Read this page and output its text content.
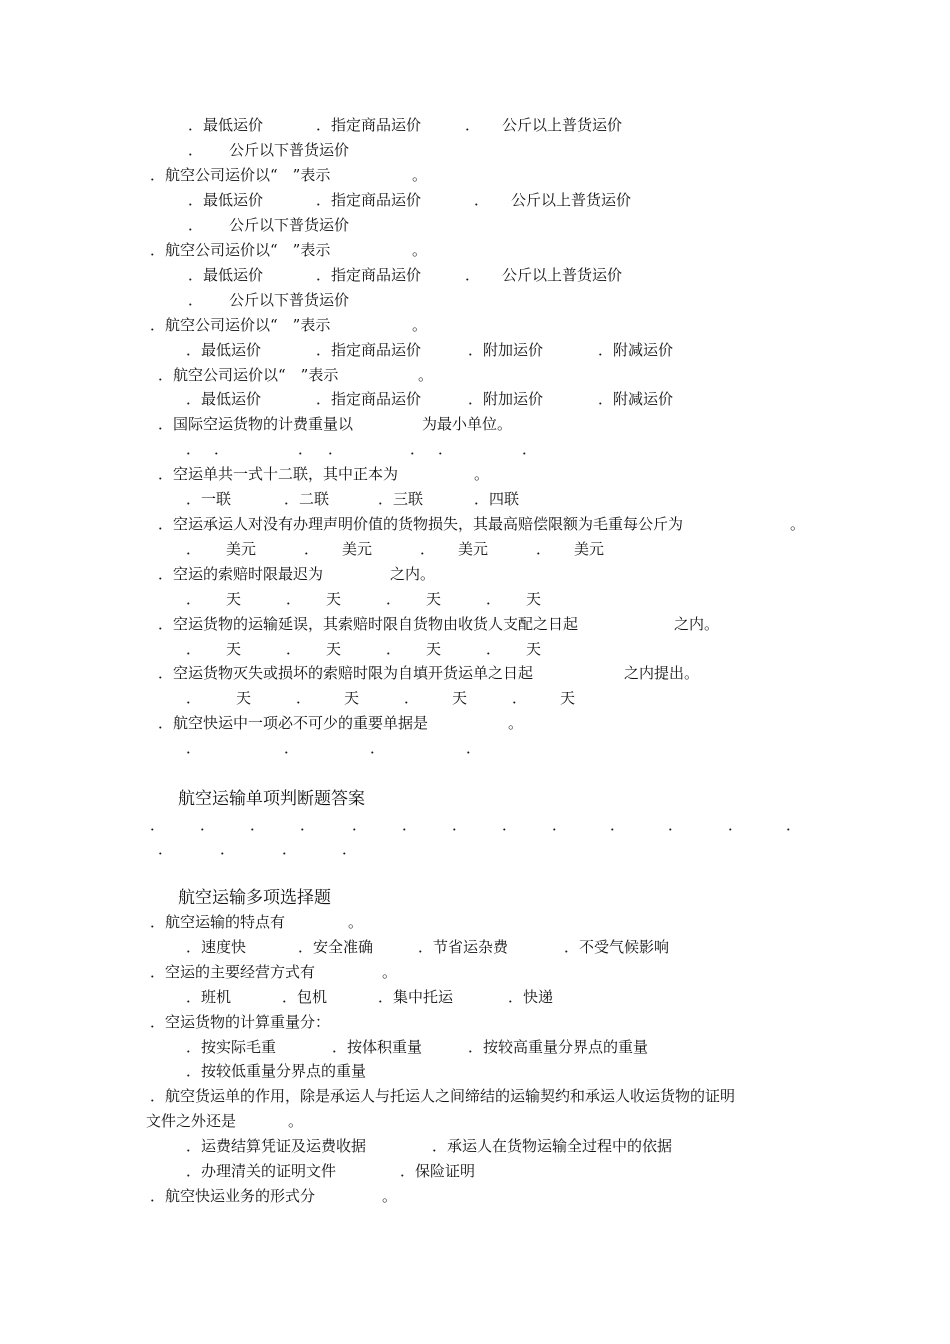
．最低运价	．指定商品运价	． 公斤以上普货运价
． 公斤以下普货运价
．航空公司运价以“　”表示	。
．最低运价	．指定商品运价	． 公斤以上普货运价
． 公斤以下普货运价
．航空公司运价以“　”表示	。
．最低运价	．指定商品运价	． 公斤以上普货运价
． 公斤以下普货运价
．航空公司运价以“　”表示	。
．最低运价	．指定商品运价	．附加运价	．附减运价
．航空公司运价以“　”表示	。
．最低运价	．指定商品运价	．附加运价	．附减运价
．国际空运货物的计费重量以	为最小单位。
． ．	． ．	． ．	．
．空运单共一式十二联，其中正本为	。
．一联	．二联	．三联	．四联
．空运承运人对没有办理声明价值的货物损失，其最高赔偿限额为毛重每公斤为	。
． 美元	． 美元	． 美元	． 美元
．空运的索赔时限最迟为	之内。
． 天	． 天	． 天	． 天
．空运货物的运输延误，其索赔时限自货物由收货人支配之日起	之内。
． 天	． 天	． 天	． 天
．空运货物灭失或损坏的索赔时限为自填开货运单之日起	之内提出。
． 天	． 天	． 天	． 天
．航空快运中一项必不可少的重要单据是	。
．	．	．	．
航空运输单项判断题答案
． ． ． ． ． ． ． ． ．	．	．	．	．
．	．	．	．
航空运输多项选择题
．航空运输的特点有	。
．速度快	．安全准确	．节省运杂费	．不受气候影响
．空运的主要经营方式有	。
．班机	．包机	．集中托运	．快递
．空运货物的计算重量分：
．按实际毛重	．按体积重量	．按较高重量分界点的重量
．按较低重量分界点的重量
．航空货运单的作用，除是承运人与托运人之间缔结的运输契约和承运人收运货物的证明
文件之外还是	。
．运费结算凭证及运费收据	．承运人在货物运输全过程中的依据
．办理清关的证明文件	．保险证明
．航空快运业务的形式分	。
